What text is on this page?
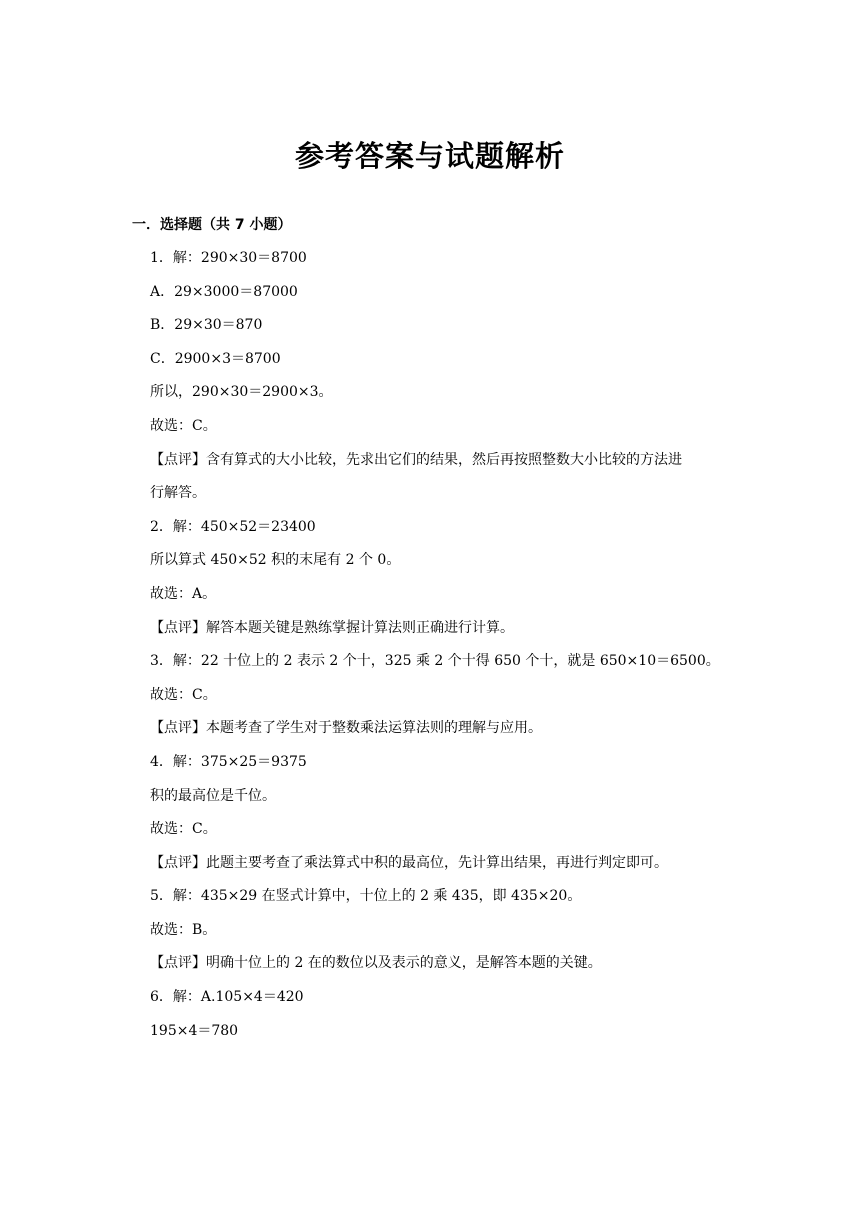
参考答案与试题解析
一．选择题（共 7 小题）
1．解：290×30＝8700
A．29×3000＝87000
B．29×30＝870
C．2900×3＝8700
所以，290×30＝2900×3。
故选：C。
【点评】含有算式的大小比较，先求出它们的结果，然后再按照整数大小比较的方法进
行解答。
2．解：450×52＝23400
所以算式 450×52 积的末尾有 2 个 0。
故选：A。
【点评】解答本题关键是熟练掌握计算法则正确进行计算。
3．解：22 十位上的 2 表示 2 个十，325 乘 2 个十得 650 个十，就是 650×10＝6500。
故选：C。
【点评】本题考查了学生对于整数乘法运算法则的理解与应用。
4．解：375×25＝9375
积的最高位是千位。
故选：C。
【点评】此题主要考查了乘法算式中积的最高位，先计算出结果，再进行判定即可。
5．解：435×29 在竖式计算中，十位上的 2 乘 435，即 435×20。
故选：B。
【点评】明确十位上的 2 在的数位以及表示的意义，是解答本题的关键。
6．解：A.105×4＝420
195×4＝780
